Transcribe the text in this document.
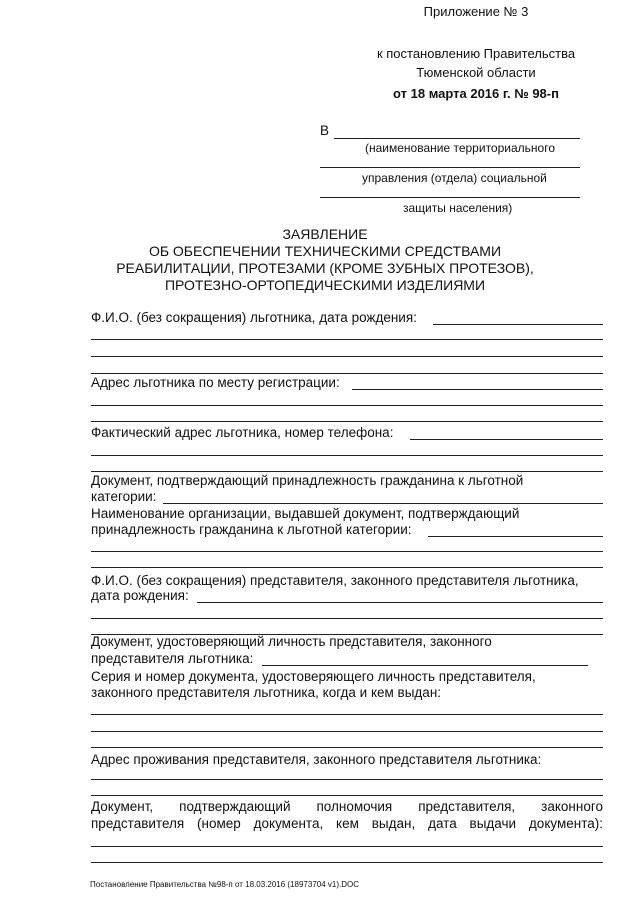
Приложение № 3
к постановлению Правительства
Тюменской области
от 18 марта 2016 г. № 98-п
В
(наименование территориального
управления (отдела) социальной
защиты населения)
ЗАЯВЛЕНИЕ
ОБ ОБЕСПЕЧЕНИИ ТЕХНИЧЕСКИМИ СРЕДСТВАМИ
РЕАБИЛИТАЦИИ, ПРОТЕЗАМИ (КРОМЕ ЗУБНЫХ ПРОТЕЗОВ),
ПРОТЕЗНО-ОРТОПЕДИЧЕСКИМИ ИЗДЕЛИЯМИ
Ф.И.О. (без сокращения) льготника, дата рождения:
Адрес льготника по месту регистрации:
Фактический адрес льготника, номер телефона:
Документ, подтверждающий принадлежность гражданина к льготной
категории:
Наименование организации, выдавшей документ, подтверждающий
принадлежность гражданина к льготной категории:
Ф.И.О. (без сокращения) представителя, законного представителя льготника,
дата рождения:
Документ, удостоверяющий личность представителя, законного
представителя льготника:
Серия и номер документа, удостоверяющего личность представителя,
законного представителя льготника, когда и кем выдан:
Адрес проживания представителя, законного представителя льготника:
Документ, подтверждающий полномочия представителя, законного
представителя (номер документа, кем выдан, дата выдачи документа):
Постановление Правительства №98-п от 18.03.2016 (18973704 v1).DOC
